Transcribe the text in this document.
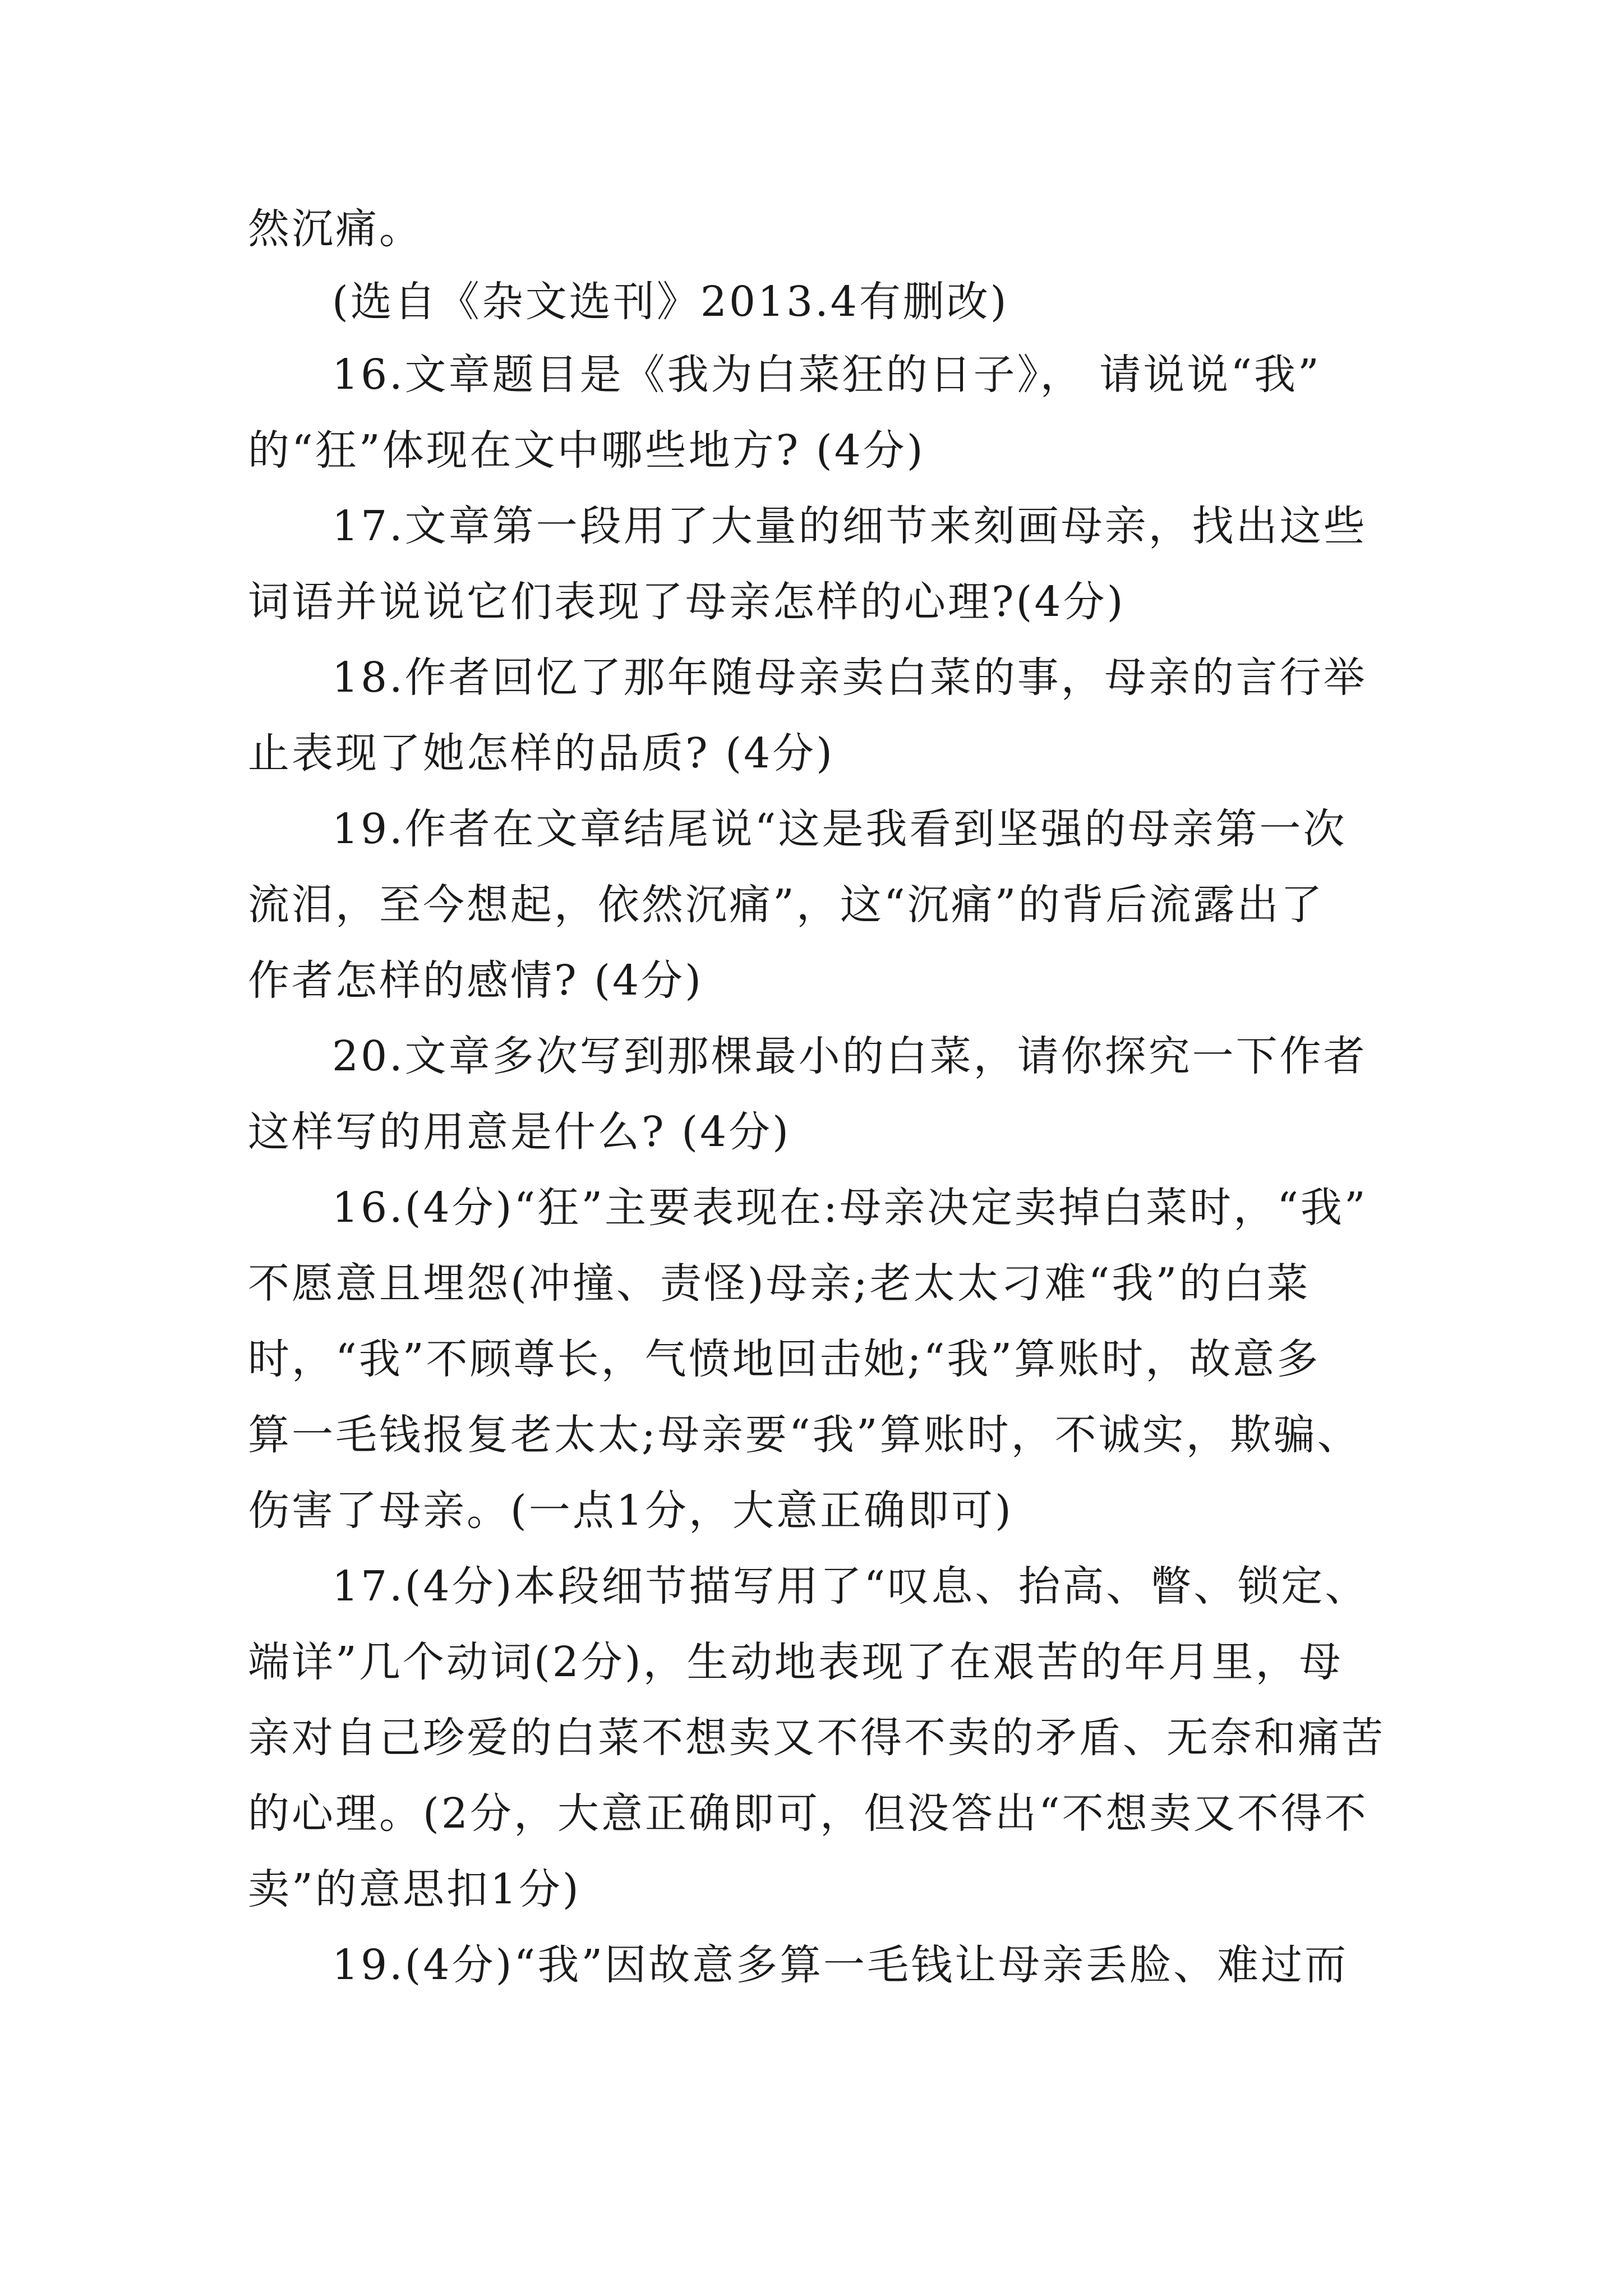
然沉痛。
(选自《杂文选刊》2013.4有删改)
16.文章题目是《我为白菜狂的日子》， 请说说“我”
的“狂”体现在文中哪些地方? (4分)
17.文章第一段用了大量的细节来刻画母亲，找出这些
词语并说说它们表现了母亲怎样的心理?(4分)
18.作者回忆了那年随母亲卖白菜的事，母亲的言行举
止表现了她怎样的品质? (4分)
19.作者在文章结尾说“这是我看到坚强的母亲第一次
流泪，至今想起，依然沉痛”，这“沉痛”的背后流露出了
作者怎样的感情? (4分)
20.文章多次写到那棵最小的白菜，请你探究一下作者
这样写的用意是什么? (4分)
16.(4分)“狂”主要表现在:母亲决定卖掉白菜时，“我”
不愿意且埋怨(冲撞、责怪)母亲;老太太刁难“我”的白菜
时，“我”不顾尊长，气愤地回击她;“我”算账时，故意多
算一毛钱报复老太太;母亲要“我”算账时，不诚实，欺骗、
伤害了母亲。(一点1分，大意正确即可)
17.(4分)本段细节描写用了“叹息、抬高、瞥、锁定、
端详”几个动词(2分)，生动地表现了在艰苦的年月里，母
亲对自己珍爱的白菜不想卖又不得不卖的矛盾、无奈和痛苦
的心理。(2分，大意正确即可，但没答出“不想卖又不得不
卖”的意思扣1分)
19.(4分)“我”因故意多算一毛钱让母亲丢脸、难过而
